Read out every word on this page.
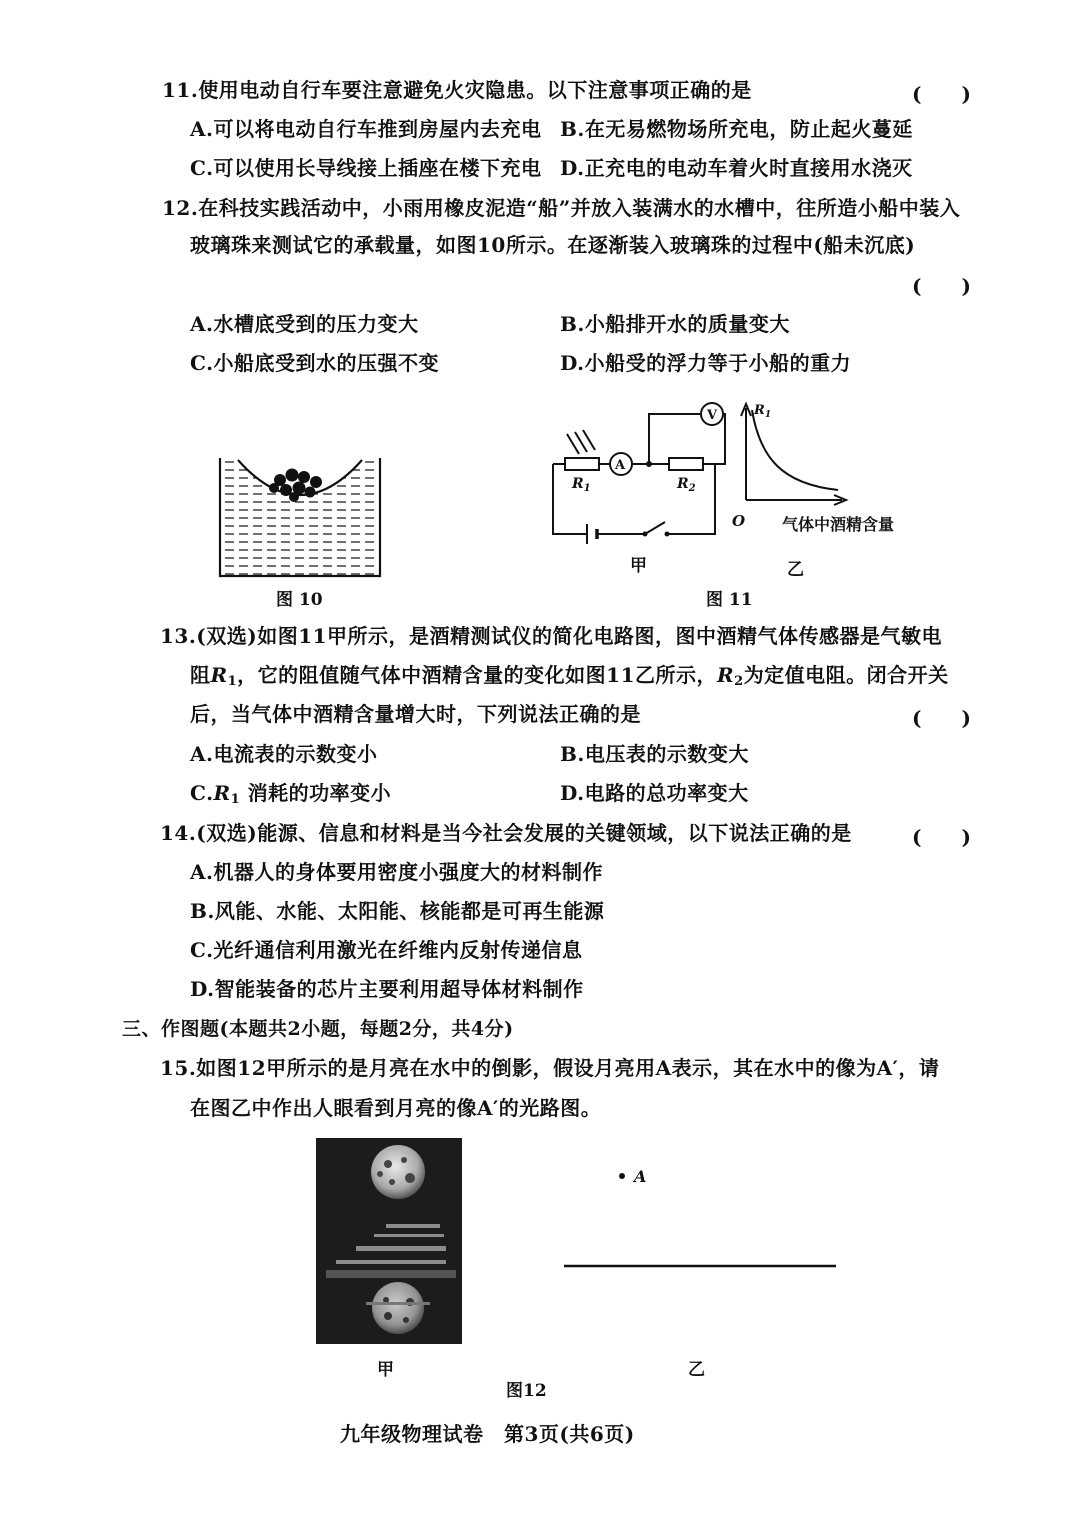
11.使用电动自行车要注意避免火灾隐患。以下注意事项正确的是	(　　)
A.可以将电动自行车推到房屋内去充电 B.在无易燃物场所充电，防止起火蔓延
C.可以使用长导线接上插座在楼下充电 D.正充电的电动车着火时直接用水浇灭
12.在科技实践活动中，小雨用橡皮泥造“船”并放入装满水的水槽中，往所造小船中装入
玻璃珠来测试它的承载量，如图10所示。在逐渐装入玻璃珠的过程中(船未沉底)
(　　)
A.水槽底受到的压力变大	B.小船排开水的质量变大
C.小船底受到水的压强不变	D.小船受的浮力等于小船的重力
图 10
A
V
$R_1$	$R_2$
甲
$R_1$
O 气体中酒精含量
乙
图 11
13.(双选)如图11甲所示，是酒精测试仪的简化电路图，图中酒精气体传感器是气敏电
阻$R_1$，它的阻值随气体中酒精含量的变化如图11乙所示，$R_2$为定值电阻。闭合开关
后，当气体中酒精含量增大时，下列说法正确的是	(　　)
A.电流表的示数变小	B.电压表的示数变大
$C.R_1$ 消耗的功率变小	D.电路的总功率变大
14.(双选)能源、信息和材料是当今社会发展的关键领域，以下说法正确的是	(　　)
A.机器人的身体要用密度小强度大的材料制作
B.风能、水能、太阳能、核能都是可再生能源
C.光纤通信利用激光在纤维内反射传递信息
D.智能装备的芯片主要利用超导体材料制作
三、作图题(本题共2小题，每题2分，共4分)
15.如图12甲所示的是月亮在水中的倒影，假设月亮用A表示，其在水中的像为A′，请
在图乙中作出人眼看到月亮的像A′的光路图。
甲
A
乙
图12
九年级物理试卷　第3页(共6页)
